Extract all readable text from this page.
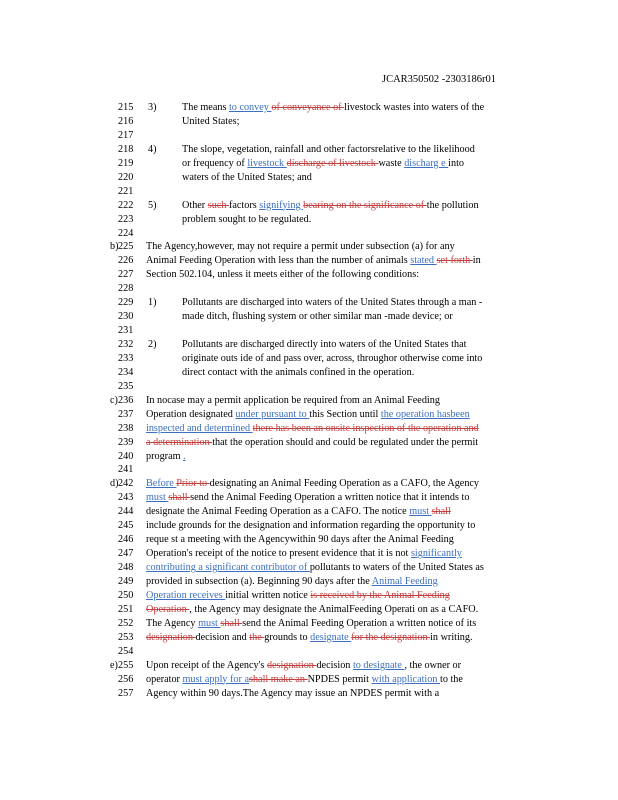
JCAR350502 -2303186r01
215	3)	The means to convey of conveyance of livestock wastes into waters of the
216	United States;
217
218	4)	The slope, vegetation, rainfall and other factorsrelative to the likelihood
219	or frequency of livestock discharge of livestock waste discharg e into
220	waters of the United States; and
221
222	5)	Other such factors signifying bearing on the significance of the pollution
223	problem sought to be regulated.
224
225
b)	The Agency,however, may not require a permit under subsection (a) for any
226	Animal Feeding Operation with less than the number of animals stated set forth in
227	Section 502.104, unless it meets either of the following conditions:
228
229	1)	Pollutants are discharged into waters of the United States through a man -
230	made ditch, flushing system or other similar man -made device; or
231
232	2)	Pollutants are discharged directly into waters of the United States that
233	originate outs ide of and pass over, across, throughor otherwise come into
234	direct contact with the animals confined in the operation.
235
236
c)	In nocase may a permit application be required from an Animal Feeding
237	Operation designated under pursuant to this Section until the operation hasbeen
238	inspected and determined there has been an onsite inspection of the operation and
239	a determination that the operation should and could be regulated under the permit
240	program .
241
242
d)	Before Prior to designating an Animal Feeding Operation as a CAFO, the Agency
243	must shall send the Animal Feeding Operation a written notice that it intends to
244	designate the Animal Feeding Operation as a CAFO. The notice must shall
245	include grounds for the designation and information regarding the opportunity to
246	reque st a meeting with the Agencywithin 90 days after the Animal Feeding
247	Operation's receipt of the notice to present evidence that it is not significantly
248	contributing a significant contributor of pollutants to waters of the United States as
249	provided in subsection (a). Beginning 90 days after the Animal Feeding
250	Operation receives initial written notice is received by the Animal Feeding
251	Operation , the Agency may designate the AnimalFeeding Operati on as a CAFO.
252	The Agency must shall send the Animal Feeding Operation a written notice of its
253	designation decision and the grounds to designate for the designation in writing.
254
255
e)	Upon receipt of the Agency's designation decision to designate , the owner or
256	operator must apply for ashall make an NPDES permit with application to the
257	Agency within 90 days.The Agency may issue an NPDES permit with a
